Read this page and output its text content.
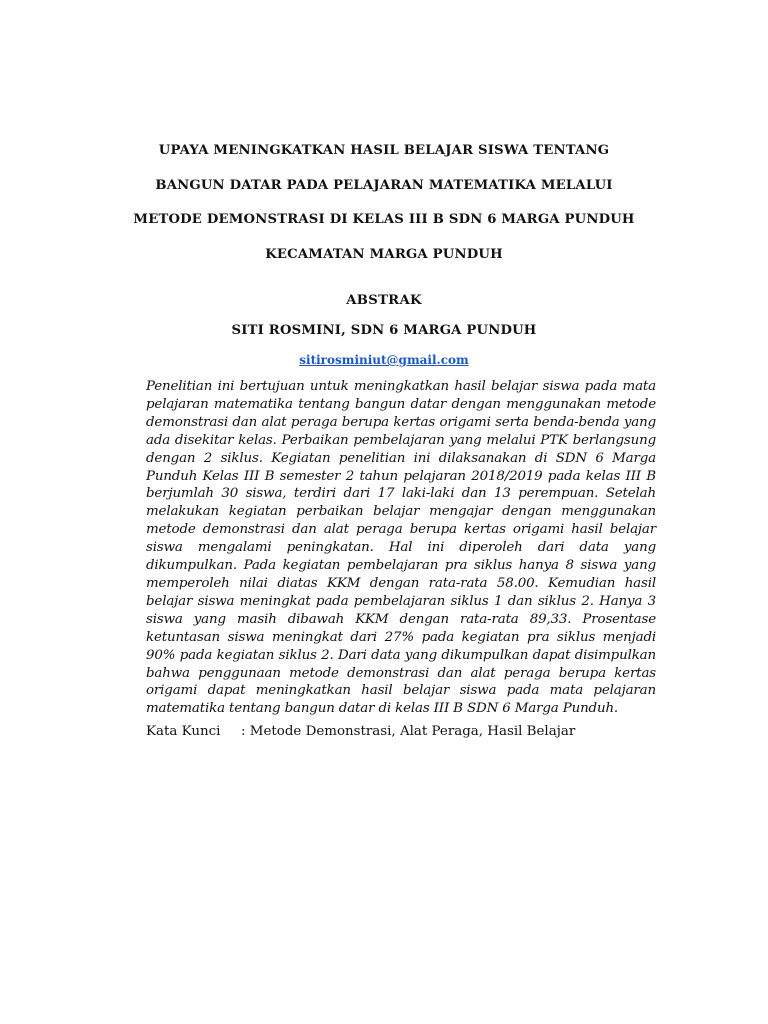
UPAYA MENINGKATKAN HASIL BELAJAR SISWA TENTANG
BANGUN DATAR PADA PELAJARAN MATEMATIKA MELALUI
METODE DEMONSTRASI DI KELAS III B SDN 6 MARGA PUNDUH
KECAMATAN MARGA PUNDUH
ABSTRAK
SITI ROSMINI, SDN 6 MARGA PUNDUH
sitirosminiut@gmail.com
Penelitian ini bertujuan untuk meningkatkan hasil belajar siswa pada mata pelajaran matematika tentang bangun datar dengan menggunakan metode demonstrasi dan alat peraga berupa kertas origami serta benda-benda yang ada disekitar kelas. Perbaikan pembelajaran yang melalui PTK berlangsung dengan 2 siklus. Kegiatan penelitian ini dilaksanakan di SDN 6 Marga Punduh Kelas III B semester 2 tahun pelajaran 2018/2019 pada kelas III B berjumlah 30 siswa, terdiri dari 17 laki-laki dan 13 perempuan. Setelah melakukan kegiatan perbaikan belajar mengajar dengan menggunakan metode demonstrasi dan alat peraga berupa kertas origami hasil belajar siswa mengalami peningkatan. Hal ini diperoleh dari data yang dikumpulkan. Pada kegiatan pembelajaran pra siklus hanya 8 siswa yang memperoleh nilai diatas KKM dengan rata-rata 58.00. Kemudian hasil belajar siswa meningkat pada pembelajaran siklus 1 dan siklus 2. Hanya 3 siswa yang masih dibawah KKM dengan rata-rata 89,33. Prosentase ketuntasan siswa meningkat dari 27% pada kegiatan pra siklus menjadi 90% pada kegiatan siklus 2. Dari data yang dikumpulkan dapat disimpulkan bahwa penggunaan metode demonstrasi dan alat peraga berupa kertas origami dapat meningkatkan hasil belajar siswa pada mata pelajaran matematika tentang bangun datar di kelas III B SDN 6 Marga Punduh.
Kata Kunci : Metode Demonstrasi, Alat Peraga, Hasil Belajar
